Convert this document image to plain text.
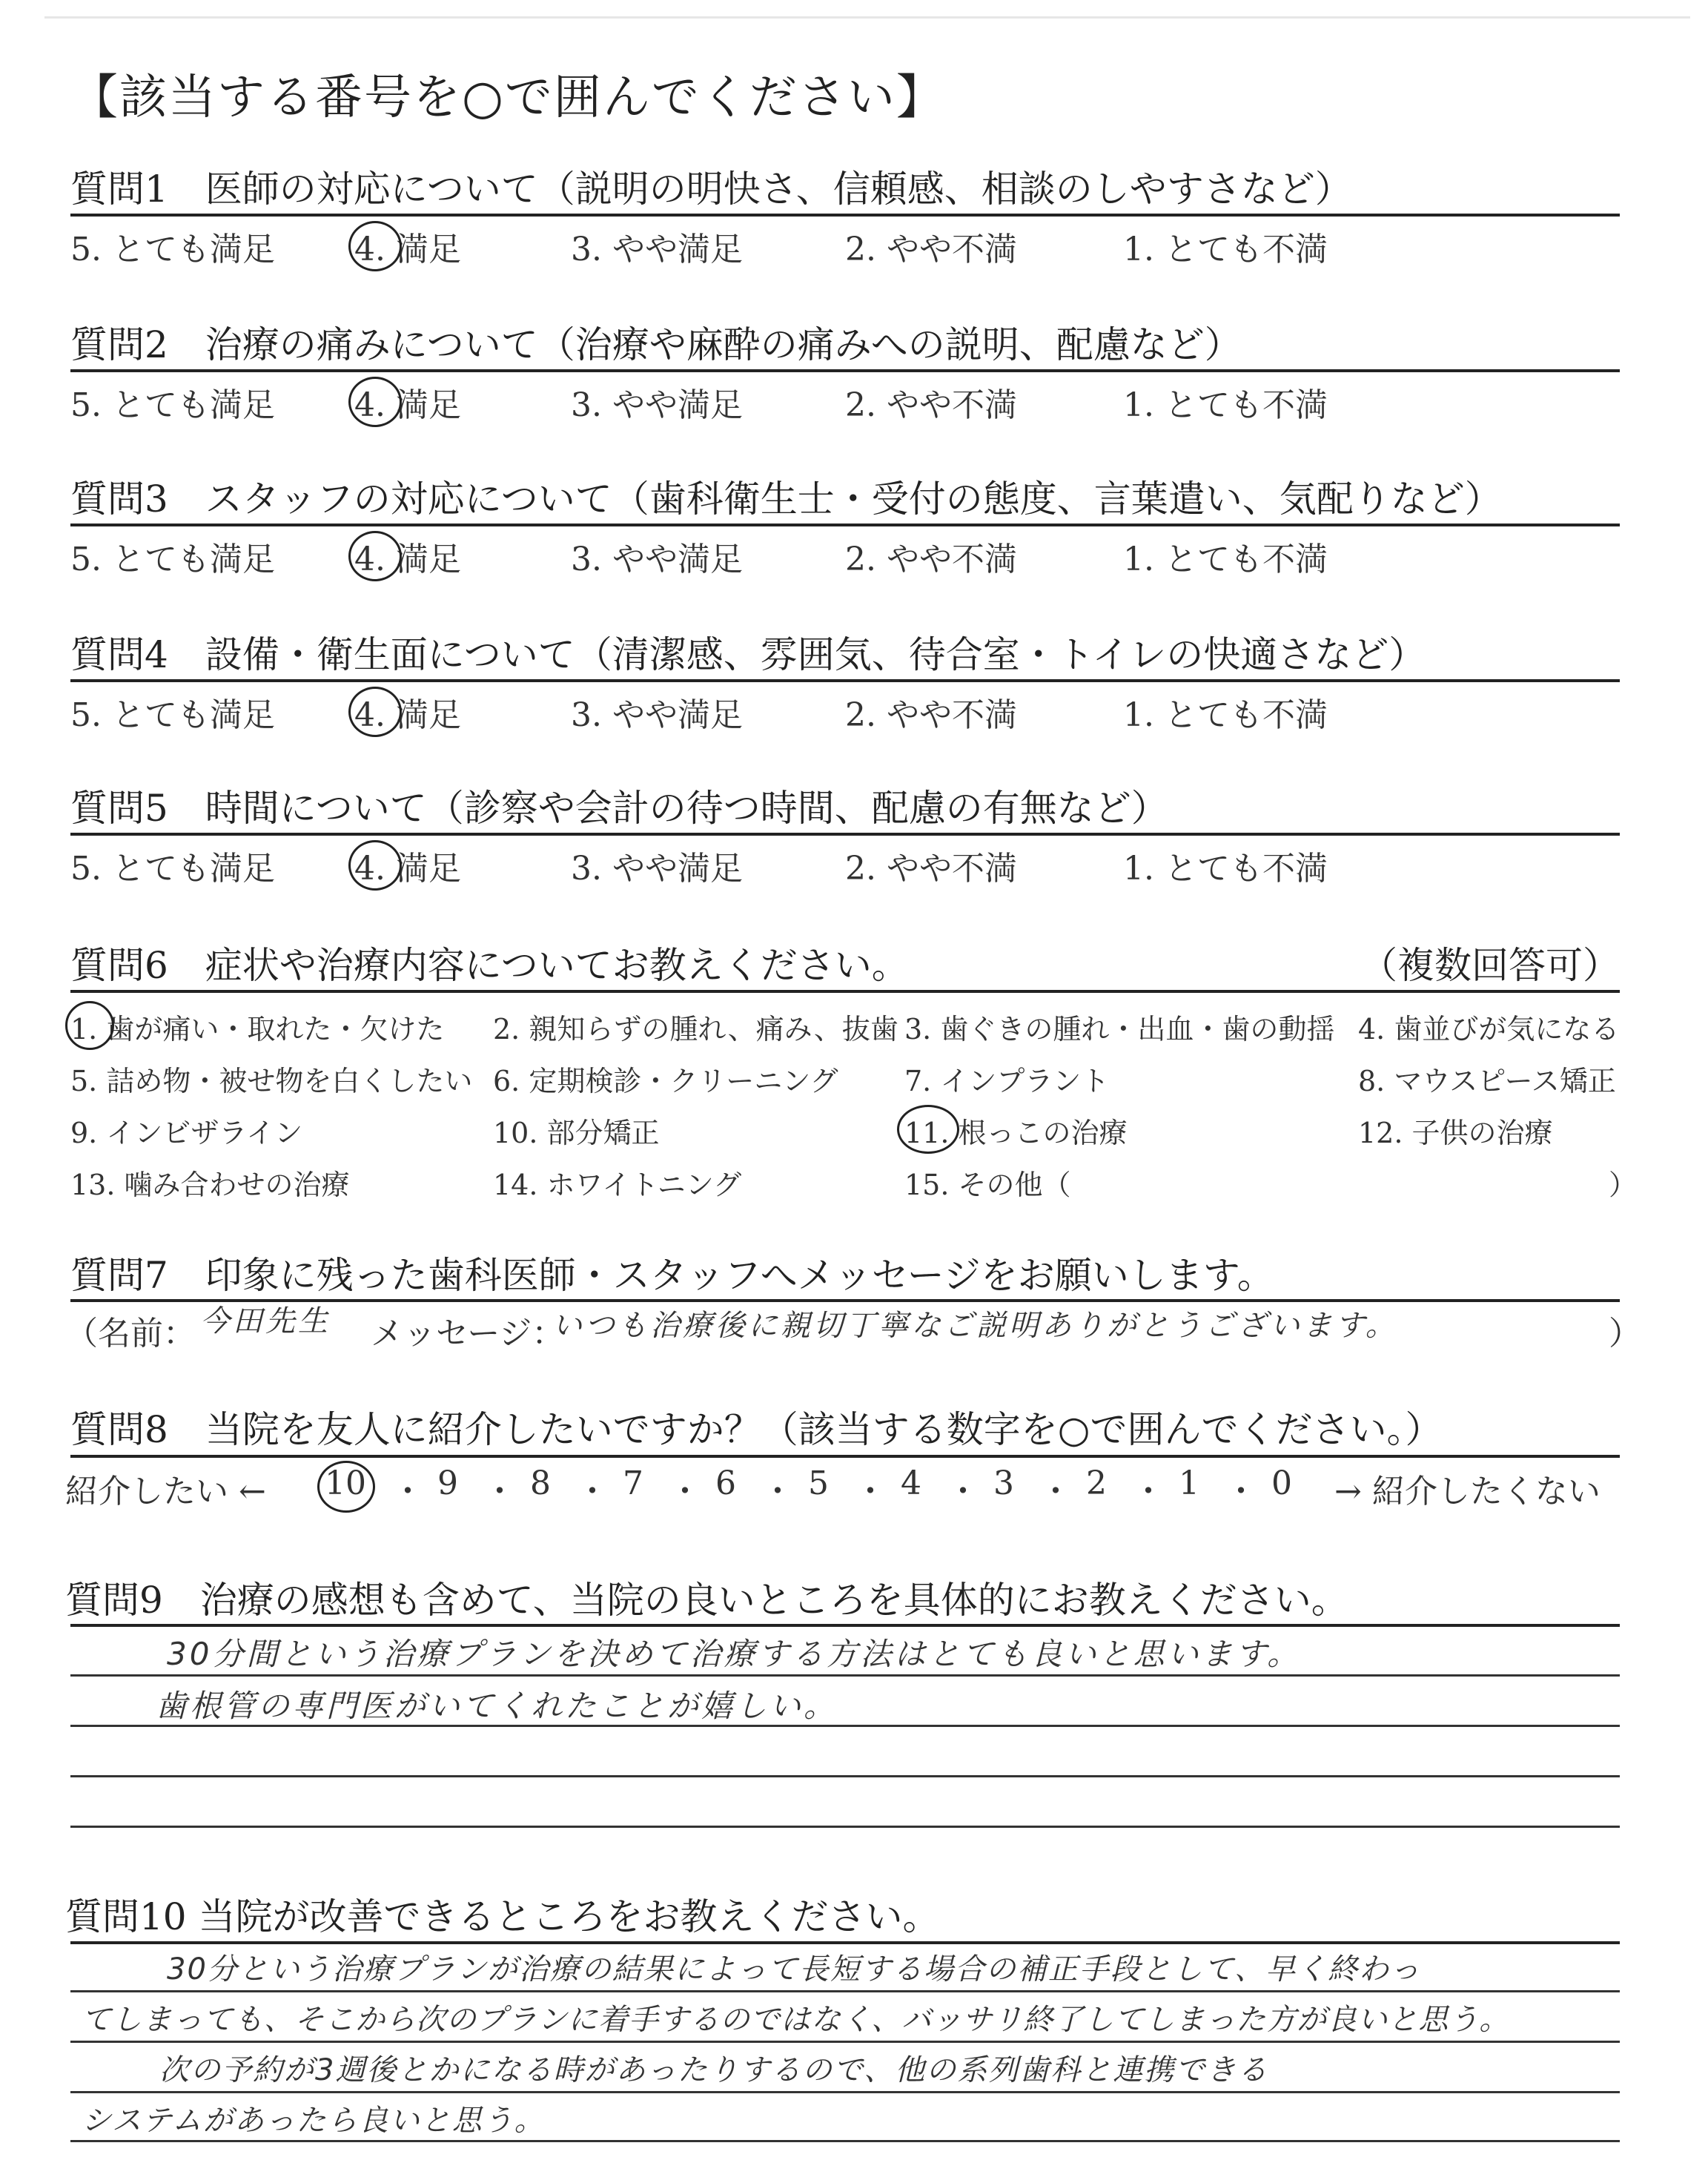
【該当する番号を○で囲んでください】
質問1　医師の対応について（説明の明快さ、信頼感、相談のしやすさなど）
5. とても満足 4. 満足	3. やや満足	2. やや不満	1. とても不満
質問2　治療の痛みについて（治療や麻酔の痛みへの説明、配慮など）
5. とても満足 4. 満足	3. やや満足	2. やや不満	1. とても不満
質問3　スタッフの対応について（歯科衛生士・受付の態度、言葉遣い、気配りなど）
5. とても満足 4. 満足	3. やや満足	2. やや不満	1. とても不満
質問4　設備・衛生面について（清潔感、雰囲気、待合室・トイレの快適さなど）
5. とても満足 4. 満足	3. やや満足	2. やや不満	1. とても不満
質問5　時間について（診察や会計の待つ時間、配慮の有無など）
5. とても満足 4. 満足	3. やや満足	2. やや不満	1. とても不満
質問6　症状や治療内容についてお教えください。	（複数回答可）
1. 歯が痛い・取れた・欠けた 2. 親知らずの腫れ、痛み、抜歯 3. 歯ぐきの腫れ・出血・歯の動揺 4. 歯並びが気になる
5. 詰め物・被せ物を白くしたい 6. 定期検診・クリーニング 7. インプラント	8. マウスピース矯正
9. インビザライン	10. 部分矯正	11. 根っこの治療	12. 子供の治療
13. 噛み合わせの治療	14. ホワイトニング	15. その他（	）
質問7　印象に残った歯科医師・スタッフへメッセージをお願いします。
（名前： 今田先生 メッセージ：
いつも治療後に親切丁寧なご説明ありがとうございます。	）
質問8　当院を友人に紹介したいですか？（該当する数字を○で囲んでください。）
紹介したい ← 10 ・ 9 ・ 8 ・ 7 ・ 6 ・ 5 ・ 4 ・ 3 ・ 2 ・ 1 ・ 0 → 紹介したくない
質問9　治療の感想も含めて、当院の良いところを具体的にお教えください。
30分間という治療プランを決めて治療する方法はとても良いと思います。
歯根管の専門医がいてくれたことが嬉しい。
質問10 当院が改善できるところをお教えください。
30分という治療プランが治療の結果によって長短する場合の補正手段として、早く終わっ
てしまっても、そこから次のプランに着手するのではなく、バッサリ終了してしまった方が良いと思う。
次の予約が3週後とかになる時があったりするので、他の系列歯科と連携できる
システムがあったら良いと思う。
